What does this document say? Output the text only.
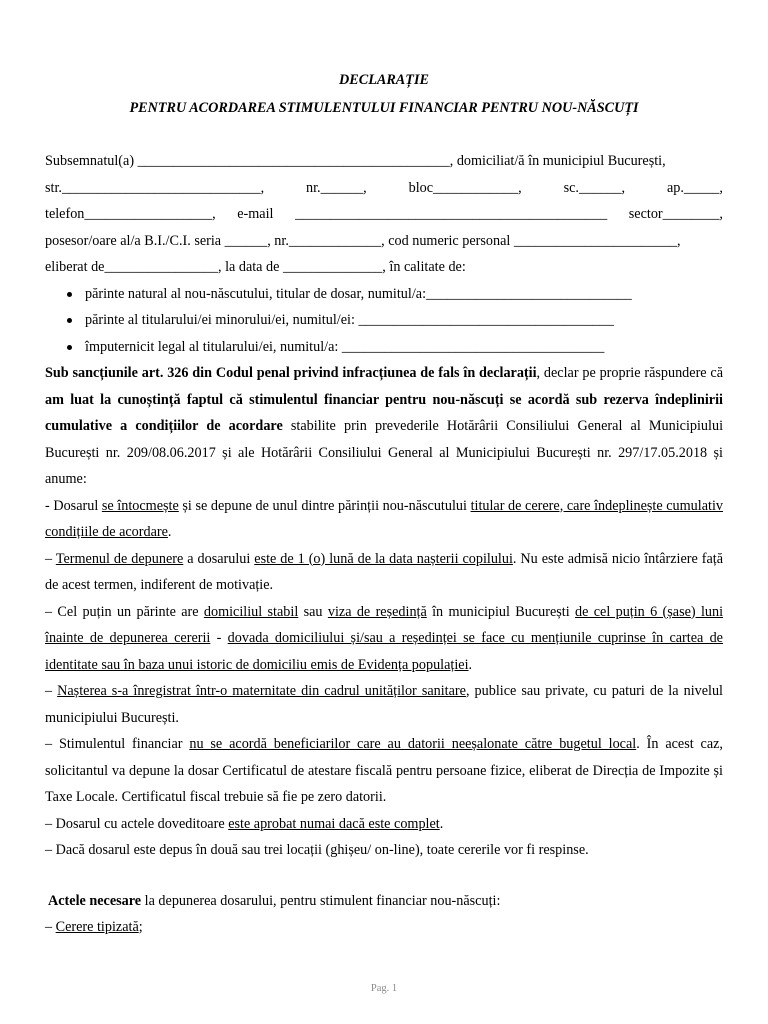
DECLARAȚIE

PENTRU ACORDAREA STIMULENTULUI FINANCIAR PENTRU NOU-NĂSCUȚI

Subsemnatul(a) ____________________________________________, domiciliat/ă în municipiul București,
str.____________________________,	nr.______,	bloc____________,	sc.______,	ap._____,
telefon__________________, e-mail ____________________________________________ sector________,
posesor/oare al/a B.I./C.I. seria ______, nr._____________, cod numeric personal _______________________,
eliberat de________________, la data de ______________, în calitate de:
părinte natural al nou-născutului, titular de dosar, numitul/a:_____________________________
părinte al titularului/ei minorului/ei, numitul/ei: ____________________________________
împuternicit legal al titularului/ei, numitul/a: _____________________________________

Sub sancțiunile art. 326 din Codul penal privind infracțiunea de fals în declarații, declar pe proprie răspundere că am luat la cunoștință faptul că stimulentul financiar pentru nou-născuți se acordă sub rezerva îndeplinirii cumulative a condițiilor de acordare stabilite prin prevederile Hotărârii Consiliului General al Municipiului București nr. 209/08.06.2017 și ale Hotărârii Consiliului General al Municipiului București nr. 297/17.05.2018 și anume:

- Dosarul se întocmește și se depune de unul dintre părinții nou-născutului titular de cerere, care îndeplinește cumulativ condițiile de acordare.

– Termenul de depunere a dosarului este de 1 (o) lună de la data nașterii copilului. Nu este admisă nicio întârziere față de acest termen, indiferent de motivație.

– Cel puțin un părinte are domiciliul stabil sau viza de reședință în municipiul București de cel puțin 6 (șase) luni înainte de depunerea cererii - dovada domiciliului și/sau a reședinței se face cu mențiunile cuprinse în cartea de identitate sau în baza unui istoric de domiciliu emis de Evidența populației.

– Nașterea s-a înregistrat într-o maternitate din cadrul unităților sanitare, publice sau private, cu paturi de la nivelul municipiului București.

– Stimulentul financiar nu se acordă beneficiarilor care au datorii neeșalonate către bugetul local. În acest caz, solicitantul va depune la dosar Certificatul de atestare fiscală pentru persoane fizice, eliberat de Direcția de Impozite și Taxe Locale. Certificatul fiscal trebuie să fie pe zero datorii.

– Dosarul cu actele doveditoare este aprobat numai dacă este complet.

– Dacă dosarul este depus în două sau trei locații (ghișeu/ on-line), toate cererile vor fi respinse.

Actele necesare la depunerea dosarului, pentru stimulent financiar nou-născuți:

– Cerere tipizată;

Pag. 1
